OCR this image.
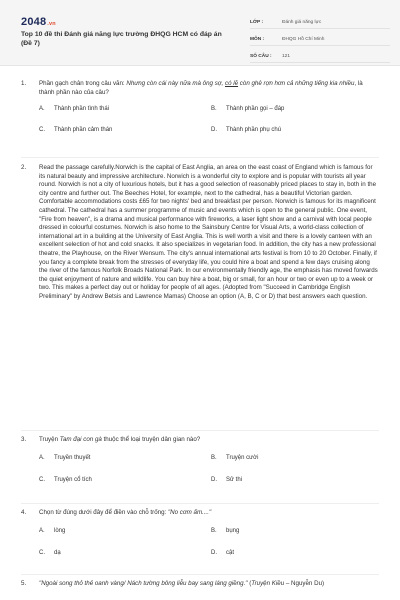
2048.vn
Top 10 đề thi Đánh giá năng lực trường ĐHQG HCM có đáp án (Đề 7)
LỚP :	Đánh giá năng lực
MÔN :	ĐHQG Hồ Chí Minh
SỐ CÂU :	121
1.	Phần gạch chân trong câu văn: Nhưng còn cái này nữa mà ông sợ, có lẽ còn ghê rợn hơn cả những tiếng kia nhiều, là thành phần nào của câu?
A. Thành phần tình thái	B. Thành phần gọi – đáp
C. Thành phần cảm thán	D. Thành phần phụ chú
2.	Read the passage carefully.Norwich is the capital of East Anglia, an area on the east coast of England which is famous for its natural beauty and impressive architecture. Norwich is a wonderful city to explore and is popular with tourists all year round. Norwich is not a city of luxurious hotels, but it has a good selection of reasonably priced places to stay in, both in the city centre and further out. The Beeches Hotel, for example, next to the cathedral, has a beautiful Victorian garden. Comfortable accommodations costs £65 for two nights' bed and breakfast per person. Norwich is famous for its magnificent cathedral. The cathedral has a summer programme of music and events which is open to the general public. One event, "Fire from heaven", is a drama and musical performance with fireworks, a laser light show and a carnival with local people dressed in colourful costumes. Norwich is also home to the Sainsbury Centre for Visual Arts, a world-class collection of international art in a building at the University of East Anglia. This is well worth a visit and there is a lovely canteen with an excellent selection of hot and cold snacks. It also specializes in vegetarian food. In addition, the city has a new professional theatre, the Playhouse, on the River Wensum. The city's annual international arts festival is from 10 to 20 October. Finally, if you fancy a complete break from the stresses of everyday life, you could hire a boat and spend a few days cruising along the river of the famous Norfolk Broads National Park. In our environmentally friendly age, the emphasis has moved forwards the quiet enjoyment of nature and wildlife. You can buy hire a boat, big or small, for an hour or two or even up to a week or two. This makes a perfect day out or holiday for people of all ages. (Adopted from "Succeed in Cambridge English Preliminary" by Andrew Betsis and Lawrence Mamas) Choose an option (A, B, C or D) that best answers each question.
3.	Truyện Tam đại con gà thuộc thể loại truyện dân gian nào?
A. Truyền thuyết	B. Truyện cười
C. Truyện cổ tích	D. Sử thi
4.	Chọn từ đúng dưới đây để điền vào chỗ trống: "No cơm ấm...."
A. lòng	B. bụng
C. dạ	D. cật
5.	"Ngoài song thỏ thẻ oanh vàng/ Nách tường bông liễu bay sang láng giềng." (Truyện Kiều – Nguyễn Du)
